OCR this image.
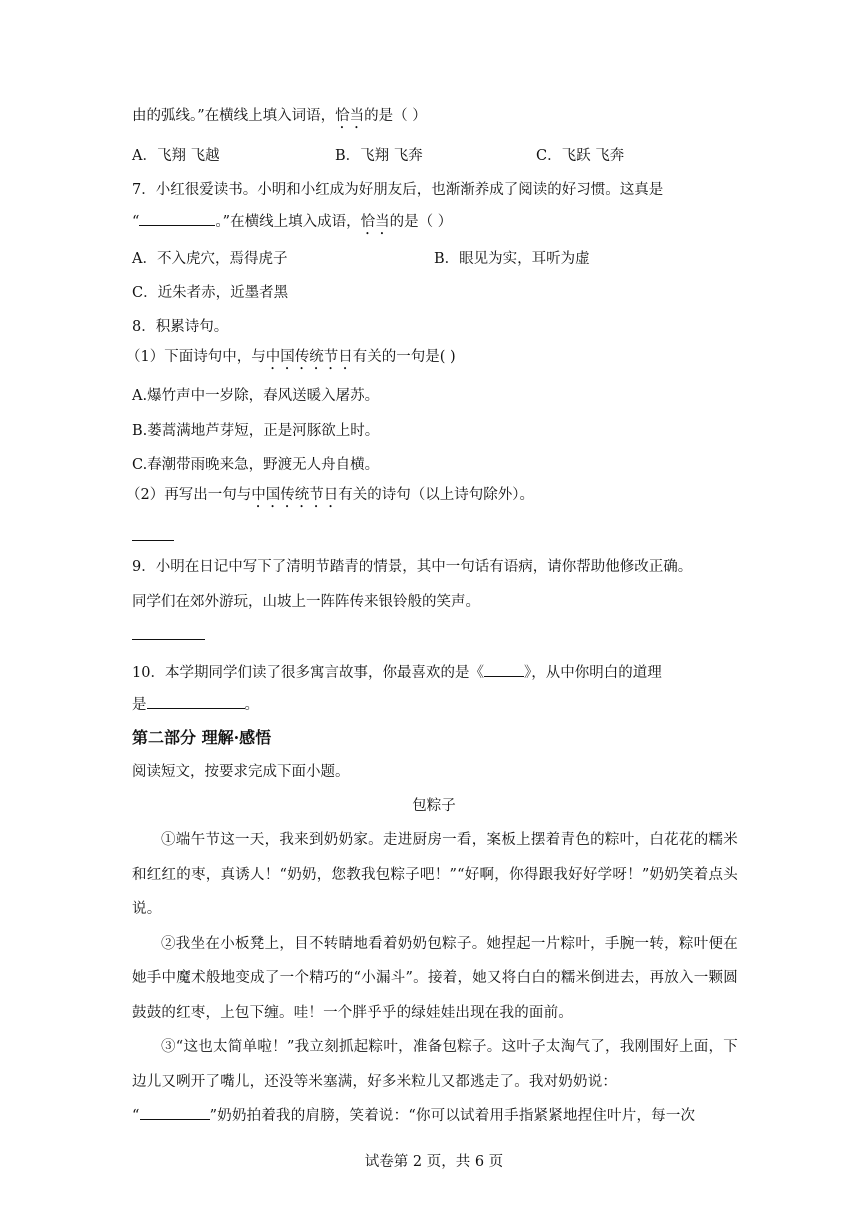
由的弧线。”在横线上填入词语，恰当的是（ ）
A．飞翔 飞越	B．飞翔 飞奔	C．飞跃 飞奔
7．小红很爱读书。小明和小红成为好朋友后，也渐渐养成了阅读的好习惯。这真是
“	。”在横线上填入成语，恰当的是（ ）
A．不入虎穴，焉得虎子	B．眼见为实，耳听为虚
C．近朱者赤，近墨者黑
8．积累诗句。
（1）下面诗句中，与中国传统节日有关的一句是( )
A.爆竹声中一岁除，春风送暖入屠苏。
B.蒌蒿满地芦芽短，正是河豚欲上时。
C.春潮带雨晚来急，野渡无人舟自横。
（2）再写出一句与中国传统节日有关的诗句（以上诗句除外）。
9．小明在日记中写下了清明节踏青的情景，其中一句话有语病，请你帮助他修改正确。
同学们在郊外游玩，山坡上一阵阵传来银铃般的笑声。
10．本学期同学们读了很多寓言故事，你最喜欢的是《	》，从中你明白的道理
是	。
第二部分 理解·感悟
阅读短文，按要求完成下面小题。
包粽子

①端午节这一天，我来到奶奶家。走进厨房一看，案板上摆着青色的粽叶，白花花的糯米和红红的枣，真诱人！“奶奶，您教我包粽子吧！”“好啊，你得跟我好好学呀！”奶奶笑着点头说。

②我坐在小板凳上，目不转睛地看着奶奶包粽子。她捏起一片粽叶，手腕一转，粽叶便在她手中魔术般地变成了一个精巧的“小漏斗”。接着，她又将白白的糯米倒进去，再放入一颗圆鼓鼓的红枣，上包下缠。哇！一个胖乎乎的绿娃娃出现在我的面前。

③“这也太简单啦！”我立刻抓起粽叶，准备包粽子。这叶子太淘气了，我刚围好上面，下边儿又咧开了嘴儿，还没等米塞满，好多米粒儿又都逃走了。我对奶奶说：

“	”奶奶拍着我的肩膀，笑着说：“你可以试着用手指紧紧地捏住叶片，每一次

试卷第 2 页，共 6 页
